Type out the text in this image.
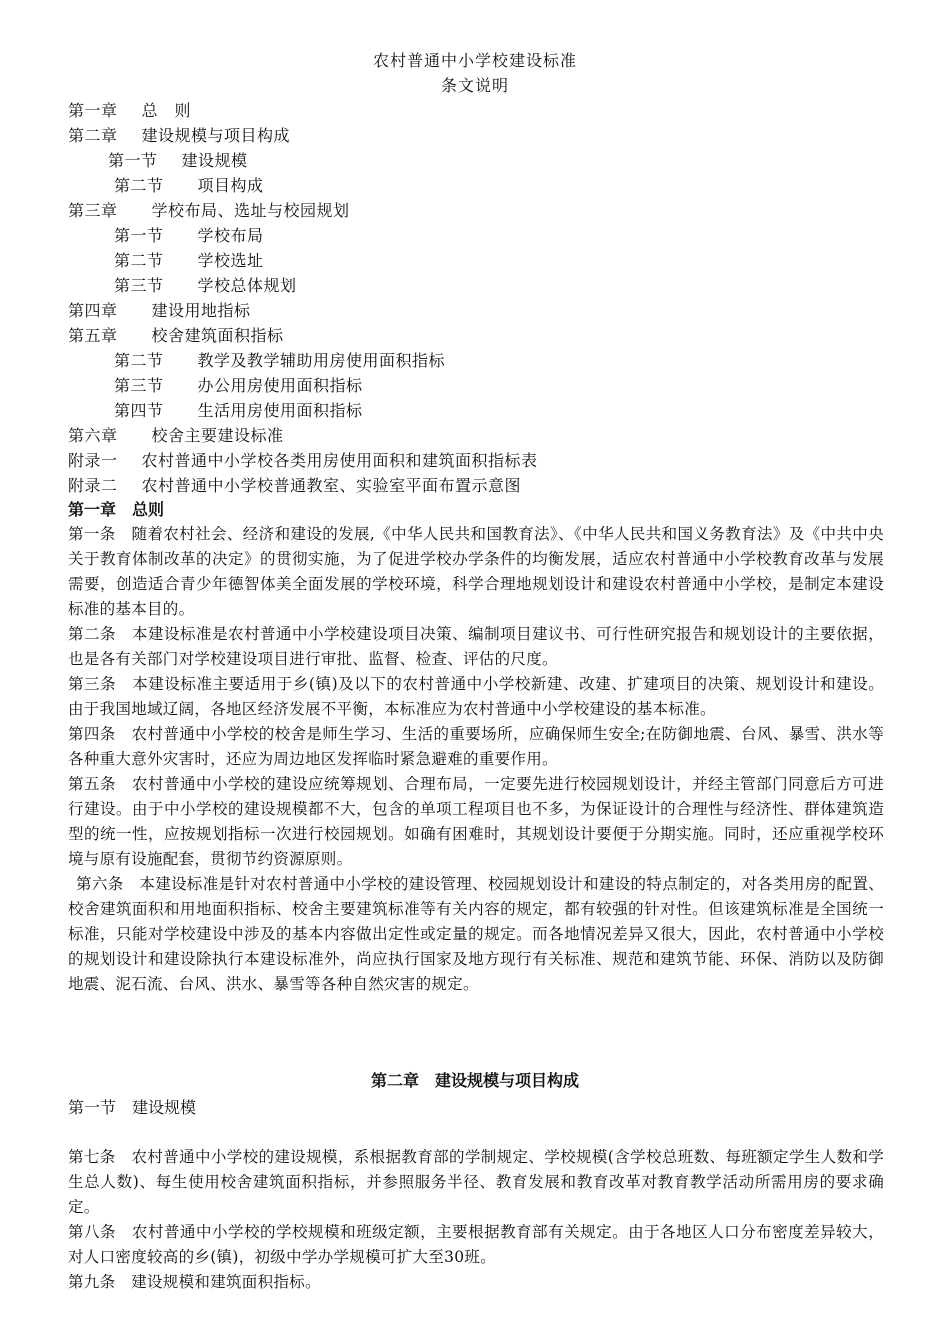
农村普通中小学校建设标准
条文说明
第一章 总　则
第二章 建设规模与项目构成
第一节 建设规模
第二节 项目构成
第三章 学校布局、选址与校园规划
第一节 学校布局
第二节 学校选址
第三节 学校总体规划
第四章 建设用地指标
第五章 校舍建筑面积指标
第二节 教学及教学辅助用房使用面积指标
第三节 办公用房使用面积指标
第四节 生活用房使用面积指标
第六章 校舍主要建设标准
附录一 农村普通中小学校各类用房使用面积和建筑面积指标表
附录二 农村普通中小学校普通教室、实验室平面布置示意图
第一章　总则

第一条　随着农村社会、经济和建设的发展,《中华人民共和国教育法》、《中华人民共和国义务教育法》及《中共中央关于教育体制改革的决定》的贯彻实施，为了促进学校办学条件的均衡发展，适应农村普通中小学校教育改革与发展需要，创造适合青少年德智体美全面发展的学校环境，科学合理地规划设计和建设农村普通中小学校，是制定本建设标准的基本目的。

第二条　本建设标准是农村普通中小学校建设项目决策、编制项目建议书、可行性研究报告和规划设计的主要依据，也是各有关部门对学校建设项目进行审批、监督、检查、评估的尺度。

第三条　本建设标准主要适用于乡(镇)及以下的农村普通中小学校新建、改建、扩建项目的决策、规划设计和建设。由于我国地域辽阔，各地区经济发展不平衡，本标准应为农村普通中小学校建设的基本标准。

第四条　农村普通中小学校的校舍是师生学习、生活的重要场所，应确保师生安全;在防御地震、台风、暴雪、洪水等各种重大意外灾害时，还应为周边地区发挥临时紧急避难的重要作用。

第五条　农村普通中小学校的建设应统筹规划、合理布局，一定要先进行校园规划设计，并经主管部门同意后方可进行建设。由于中小学校的建设规模都不大，包含的单项工程项目也不多，为保证设计的合理性与经济性、群体建筑造型的统一性，应按规划指标一次进行校园规划。如确有困难时，其规划设计要便于分期实施。同时，还应重视学校环境与原有设施配套，贯彻节约资源原则。

第六条　本建设标准是针对农村普通中小学校的建设管理、校园规划设计和建设的特点制定的，对各类用房的配置、校舍建筑面积和用地面积指标、校舍主要建筑标准等有关内容的规定，都有较强的针对性。但该建筑标准是全国统一标准，只能对学校建设中涉及的基本内容做出定性或定量的规定。而各地情况差异又很大，因此，农村普通中小学校的规划设计和建设除执行本建设标准外，尚应执行国家及地方现行有关标准、规范和建筑节能、环保、消防以及防御地震、泥石流、台风、洪水、暴雪等各种自然灾害的规定。

第二章　建设规模与项目构成
第一节　建设规模

第七条　农村普通中小学校的建设规模，系根据教育部的学制规定、学校规模(含学校总班数、每班额定学生人数和学生总人数)、每生使用校舍建筑面积指标，并参照服务半径、教育发展和教育改革对教育教学活动所需用房的要求确定。

第八条　农村普通中小学校的学校规模和班级定额，主要根据教育部有关规定。由于各地区人口分布密度差异较大，对人口密度较高的乡(镇)，初级中学办学规模可扩大至30班。

第九条　建设规模和建筑面积指标。
